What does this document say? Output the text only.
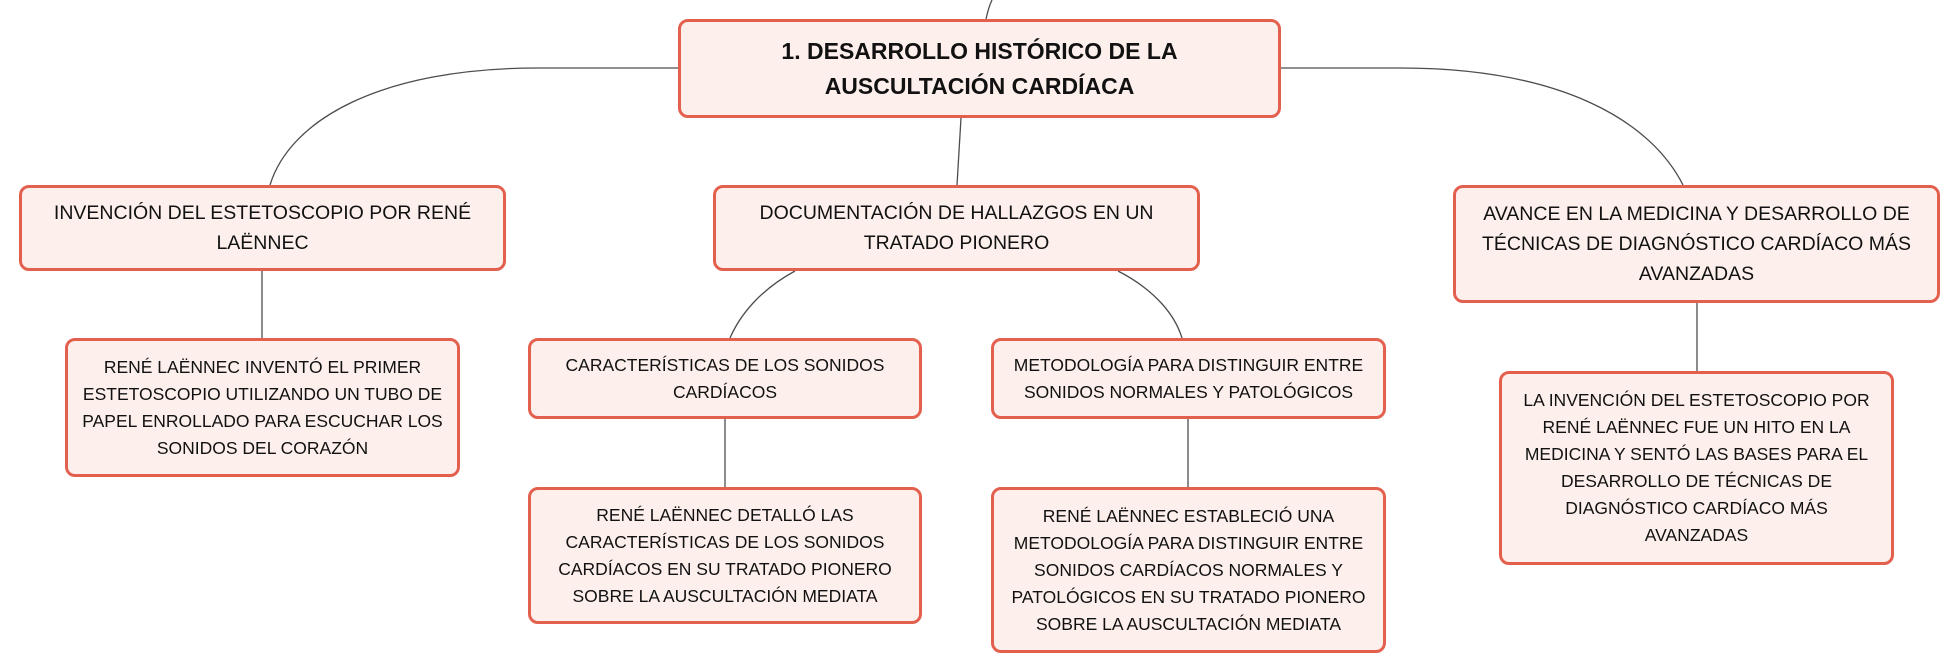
1. DESARROLLO HISTÓRICO DE LA AUSCULTACIÓN CARDÍACA
INVENCIÓN DEL ESTETOSCOPIO POR RENÉ LAËNNEC
DOCUMENTACIÓN DE HALLAZGOS EN UN TRATADO PIONERO
AVANCE EN LA MEDICINA Y DESARROLLO DE TÉCNICAS DE DIAGNÓSTICO CARDÍACO MÁS AVANZADAS
RENÉ LAËNNEC INVENTÓ EL PRIMER ESTETOSCOPIO UTILIZANDO UN TUBO DE PAPEL ENROLLADO PARA ESCUCHAR LOS SONIDOS DEL CORAZÓN
CARACTERÍSTICAS DE LOS SONIDOS CARDÍACOS
METODOLOGÍA PARA DISTINGUIR ENTRE SONIDOS NORMALES Y PATOLÓGICOS
RENÉ LAËNNEC DETALLÓ LAS CARACTERÍSTICAS DE LOS SONIDOS CARDÍACOS EN SU TRATADO PIONERO SOBRE LA AUSCULTACIÓN MEDIATA
RENÉ LAËNNEC ESTABLECIÓ UNA METODOLOGÍA PARA DISTINGUIR ENTRE SONIDOS CARDÍACOS NORMALES Y PATOLÓGICOS EN SU TRATADO PIONERO SOBRE LA AUSCULTACIÓN MEDIATA
LA INVENCIÓN DEL ESTETOSCOPIO POR RENÉ LAËNNEC FUE UN HITO EN LA MEDICINA Y SENTÓ LAS BASES PARA EL DESARROLLO DE TÉCNICAS DE DIAGNÓSTICO CARDÍACO MÁS AVANZADAS
